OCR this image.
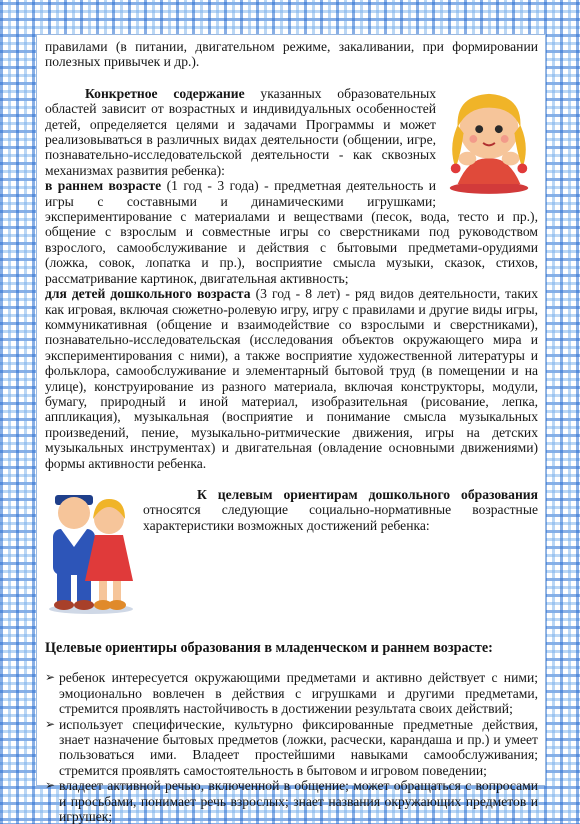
правилами (в питании, двигательном режиме, закаливании, при формировании полезных привычек и др.).

Конкретное содержание указанных образовательных областей зависит от возрастных и индивидуальных особенностей детей, определяется целями и задачами Программы и может реализовываться в различных видах деятельности (общении, игре, познавательно-исследовательской деятельности - как сквозных механизмах развития ребенка):

в раннем возрасте (1 год - 3 года) - предметная деятельность и игры с составными и динамическими игрушками; экспериментирование с материалами и веществами (песок, вода, тесто и пр.), общение с взрослым и совместные игры со сверстниками под руководством взрослого, самообслуживание и действия с бытовыми предметами-орудиями (ложка, совок, лопатка и пр.), восприятие смысла музыки, сказок, стихов, рассматривание картинок, двигательная активность;

для детей дошкольного возраста (3 год - 8 лет) - ряд видов деятельности, таких как игровая, включая сюжетно-ролевую игру, игру с правилами и другие виды игры, коммуникативная (общение и взаимодействие со взрослыми и сверстниками), познавательно-исследовательская (исследования объектов окружающего мира и экспериментирования с ними), а также восприятие художественной литературы и фольклора, самообслуживание и элементарный бытовой труд (в помещении и на улице), конструирование из разного материала, включая конструкторы, модули, бумагу, природный и иной материал, изобразительная (рисование, лепка, аппликация), музыкальная (восприятие и понимание смысла музыкальных произведений, пение, музыкально-ритмические движения, игры на детских музыкальных инструментах) и двигательная (овладение основными движениями) формы активности ребенка.

К целевым ориентирам дошкольного образования относятся следующие социально-нормативные возрастные характеристики возможных достижений ребенка:

Целевые ориентиры образования в младенческом и раннем возрасте:

➢ ребенок интересуется окружающими предметами и активно действует с ними; эмоционально вовлечен в действия с игрушками и другими предметами, стремится проявлять настойчивость в достижении результата своих действий;
➢ использует специфические, культурно фиксированные предметные действия, знает назначение бытовых предметов (ложки, расчески, карандаша и пр.) и умеет пользоваться ими. Владеет простейшими навыками самообслуживания; стремится проявлять самостоятельность в бытовом и игровом поведении;
➢ владеет активной речью, включенной в общение; может обращаться с вопросами и просьбами, понимает речь взрослых; знает названия окружающих предметов и игрушек;
